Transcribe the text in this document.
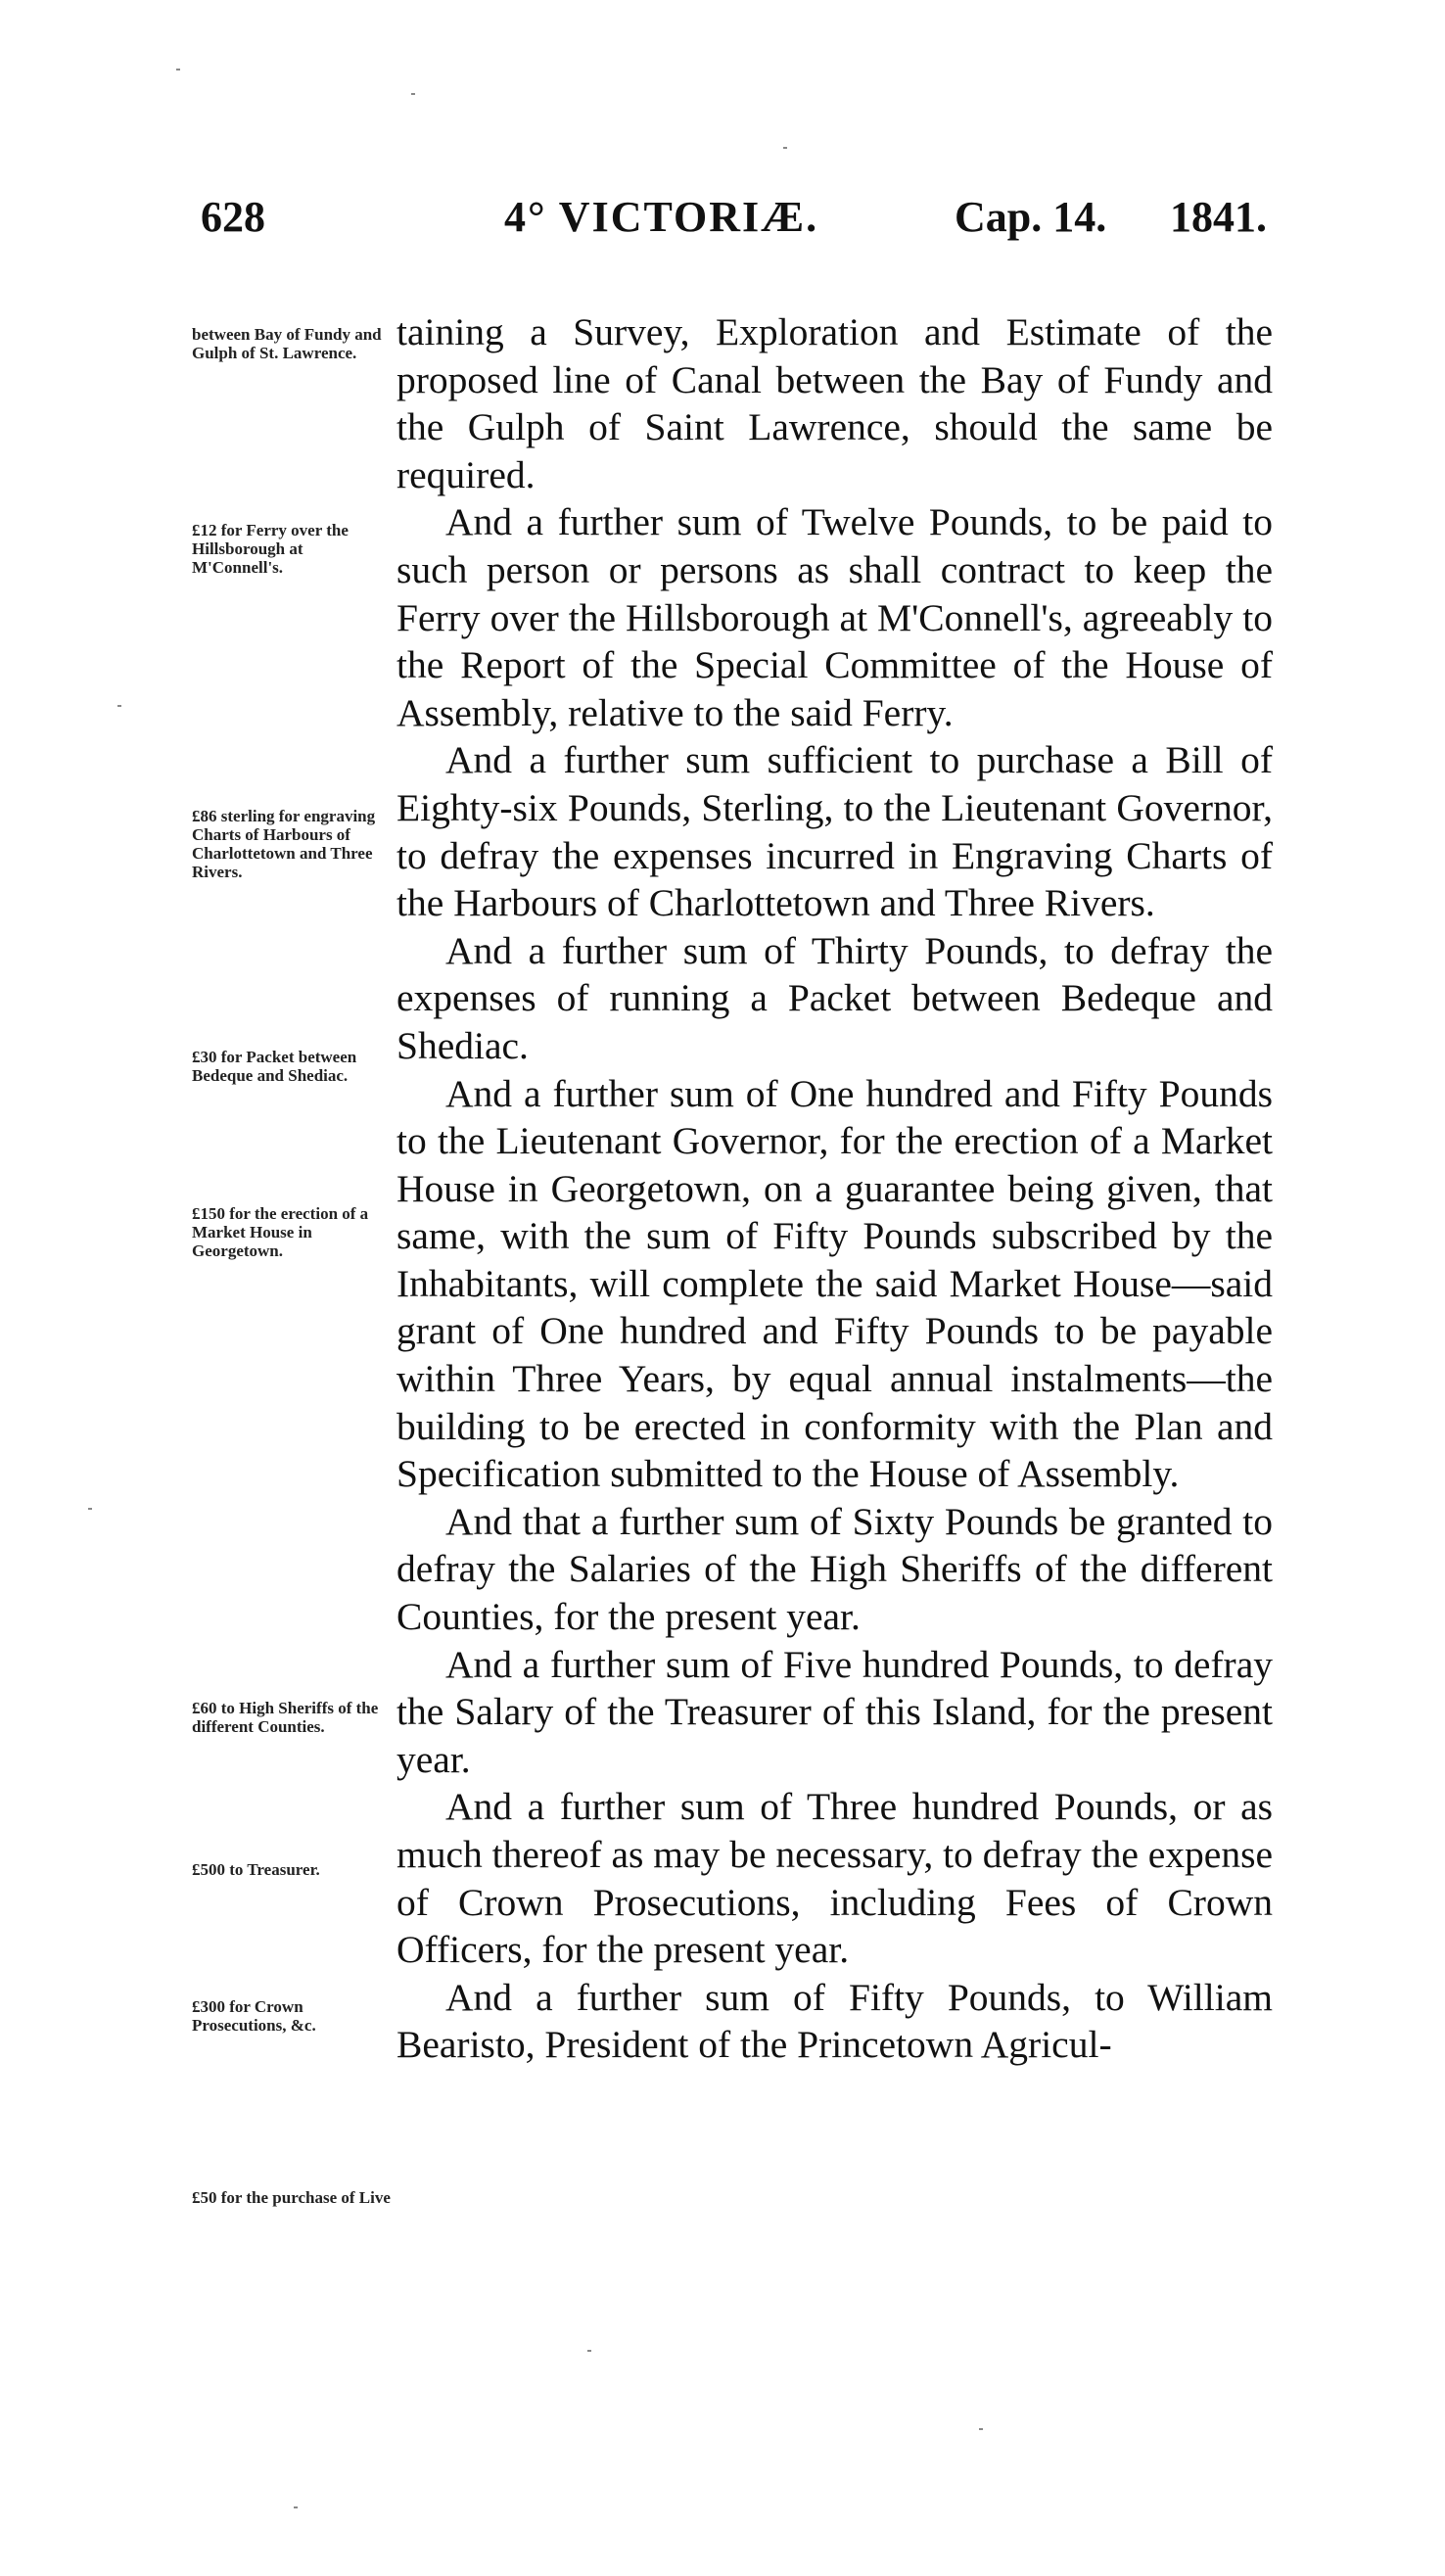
628	4° VICTORIÆ.	Cap. 14. 1841.
between Bay of Fundy and Gulph of St. Lawrence.
£12 for Ferry over the Hillsborough at M'Connell's.
£86 sterling for engraving Charts of Harbours of Charlottetown and Three Rivers.
£30 for Packet between Bedeque and Shediac.
£150 for the erection of a Market House in Georgetown.
£60 to High Sheriffs of the different Counties.
£500 to Treasurer.
£300 for Crown Prosecutions, &c.
£50 for the purchase of Live

taining a Survey, Exploration and Estimate of the proposed line of Canal between the Bay of Fundy and the Gulph of Saint Lawrence, should the same be required.

And a further sum of Twelve Pounds, to be paid to such person or persons as shall contract to keep the Ferry over the Hillsborough at M'Connell's, agreeably to the Report of the Special Committee of the House of Assembly, relative to the said Ferry.

And a further sum sufficient to purchase a Bill of Eighty-six Pounds, Sterling, to the Lieutenant Governor, to defray the expenses incurred in Engraving Charts of the Harbours of Charlottetown and Three Rivers.

And a further sum of Thirty Pounds, to defray the expenses of running a Packet between Bedeque and Shediac.

And a further sum of One hundred and Fifty Pounds to the Lieutenant Governor, for the erection of a Market House in Georgetown, on a guarantee being given, that same, with the sum of Fifty Pounds subscribed by the Inhabitants, will complete the said Market House—said grant of One hundred and Fifty Pounds to be payable within Three Years, by equal annual instalments—the building to be erected in conformity with the Plan and Specification submitted to the House of Assembly.

And that a further sum of Sixty Pounds be granted to defray the Salaries of the High Sheriffs of the different Counties, for the present year.

And a further sum of Five hundred Pounds, to defray the Salary of the Treasurer of this Island, for the present year.

And a further sum of Three hundred Pounds, or as much thereof as may be necessary, to defray the expense of Crown Prosecutions, including Fees of Crown Officers, for the present year.

And a further sum of Fifty Pounds, to William Bearisto, President of the Princetown Agricul-
